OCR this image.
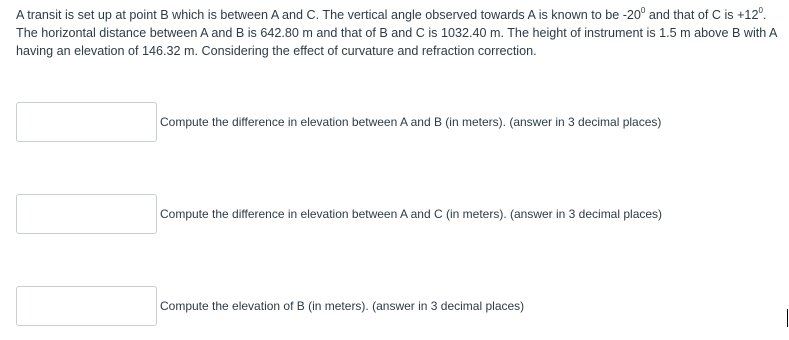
A transit is set up at point B which is between A and C. The vertical angle observed towards A is known to be $-20^0$ and that of C is $+12^0$. The horizontal distance between A and B is 642.80 m and that of B and C is 1032.40 m. The height of instrument is 1.5 m above B with A having an elevation of 146.32 m. Considering the effect of curvature and refraction correction.

Compute the difference in elevation between A and B (in meters). (answer in 3 decimal places)
Compute the difference in elevation between A and C (in meters). (answer in 3 decimal places)
Compute the elevation of B (in meters). (answer in 3 decimal places)
